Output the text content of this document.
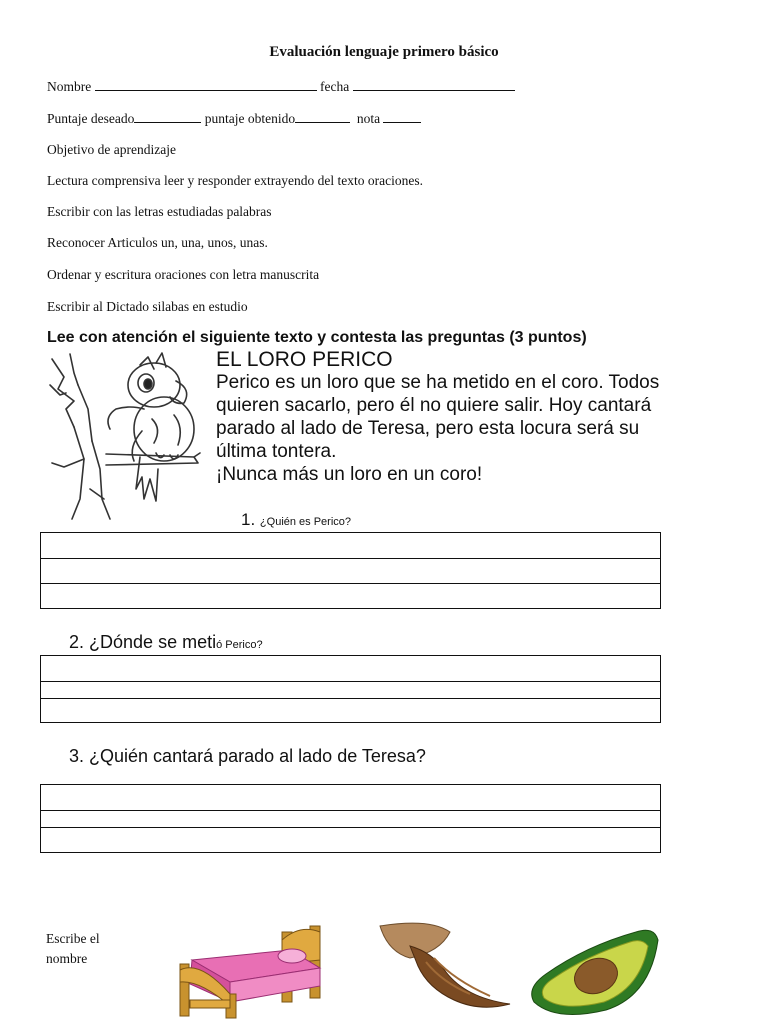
Evaluación lenguaje primero básico
Nombre	fecha
Puntaje deseado	puntaje obtenido	nota
Objetivo de aprendizaje
Lectura comprensiva leer y responder extrayendo del texto oraciones.
Escribir con las letras estudiadas palabras
Reconocer Articulos un, una, unos, unas.
Ordenar y escritura oraciones con letra manuscrita
Escribir al Dictado silabas en estudio
Lee con atención el siguiente texto y contesta las preguntas (3 puntos)
EL LORO PERICO
Perico es un loro que se ha metido en el coro. Todos
quieren sacarlo, pero él no quiere salir. Hoy cantará
parado al lado de Teresa, pero esta locura será su
última tontera.
¡Nunca más un loro en un coro!
1. ¿Quién es Perico?
2. ¿Dónde se metió Perico?
3. ¿Quién cantará parado al lado de Teresa?
Escribe el nombre
